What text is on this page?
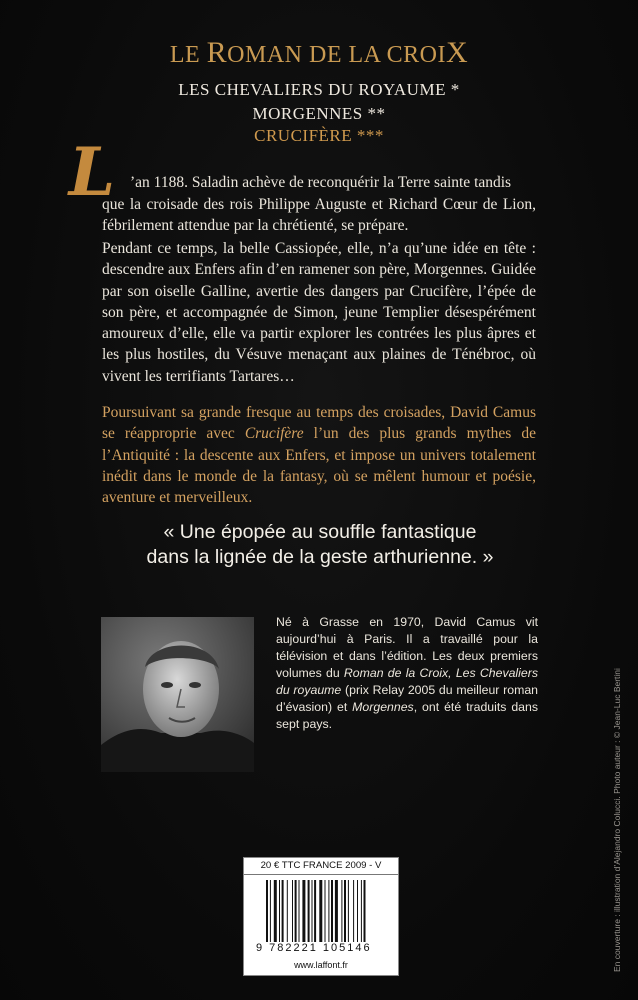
LE ROMAN DE LA CROIX
LES CHEVALIERS DU ROYAUME *
MORGENNES **
CRUCIFÈRE ***
L ’an 1188. Saladin achève de reconquérir la Terre sainte tandis
que la croisade des rois Philippe Auguste et Richard Cœur de Lion, fébrilement attendue par la chrétienté, se prépare.
Pendant ce temps, la belle Cassiopée, elle, n’a qu’une idée en tête : descendre aux Enfers afin d’en ramener son père, Morgennes. Guidée par son oiselle Galline, avertie des dangers par Crucifère, l’épée de son père, et accompagnée de Simon, jeune Templier désespérément amoureux d’elle, elle va partir explorer les contrées les plus âpres et les plus hostiles, du Vésuve menaçant aux plaines de Ténébroc, où vivent les terrifiants Tartares…
Poursuivant sa grande fresque au temps des croisades, David Camus se réapproprie avec Crucifère l’un des plus grands mythes de l’Antiquité : la descente aux Enfers, et impose un univers totalement inédit dans le monde de la fantasy, où se mêlent humour et poésie, aventure et merveilleux.
« Une épopée au souffle fantastique
dans la lignée de la geste arthurienne. »
Né à Grasse en 1970, David Camus vit aujourd’hui à Paris. Il a travaillé pour la télévision et dans l’édition. Les deux premiers volumes du Roman de la Croix, Les Chevaliers du royaume (prix Relay 2005 du meilleur roman d’évasion) et Morgennes, ont été traduits dans sept pays.	En couverture : illustration d’Alejandro Colucci. Photo auteur : © Jean-Luc Bertini
20 € TTC FRANCE 2009 - V
9 782221 105146
www.laffont.fr
